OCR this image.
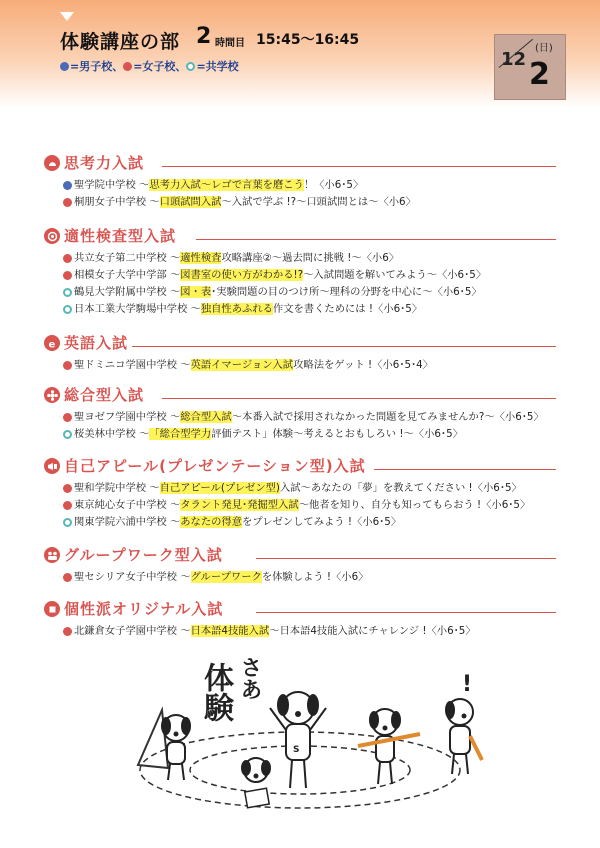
体験講座の部 2 時間目 15:45〜16:45
=男子校、 =女子校、 =共学校
(日)
12 2
思考力入試
聖学院中学校 〜思考力入試〜レゴで言葉を磨こう！〈小6･5〉
桐朋女子中学校 〜口頭試問入試〜入試で学ぶ !?〜口頭試問とは〜〈小6〉
適性検査型入試
共立女子第二中学校 〜適性検査攻略講座②〜過去問に挑戦 !〜〈小6〉
相模女子大学中学部 〜図書室の使い方がわかる!?〜入試問題を解いてみよう〜〈小6･5〉
鶴見大学附属中学校 〜図・表･実験問題の目のつけ所〜理科の分野を中心に〜〈小6･5〉
日本工業大学駒場中学校 〜独自性あふれる作文を書くためには !〈小6･5〉
e 英語入試
聖ドミニコ学園中学校 〜英語イマージョン入試攻略法をゲット !〈小6･5･4〉
総合型入試
聖ヨゼフ学園中学校 〜総合型入試〜本番入試で採用されなかった問題を見てみませんか?〜〈小6･5〉
桜美林中学校 〜「総合型学力評価テスト」体験〜考えるとおもしろい !〜〈小6･5〉
自己アピール(プレゼンテーション型)入試
聖和学院中学校 〜自己アピール(プレゼン型)入試〜あなたの「夢」を教えてください !〈小6･5〉
東京純心女子中学校 〜タラント発見･発掘型入試〜他者を知り、自分も知ってもらおう !〈小6･5〉
関東学院六浦中学校 〜あなたの得意をプレゼンしてみよう !〈小6･5〉
グループワーク型入試
聖セシリア女子中学校 〜グループワークを体験しよう !〈小6〉
個性派オリジナル入試
北鎌倉女子学園中学校 〜日本語4技能入試〜日本語4技能入試にチャレンジ !〈小6･5〉
体験 さあ	!
S
